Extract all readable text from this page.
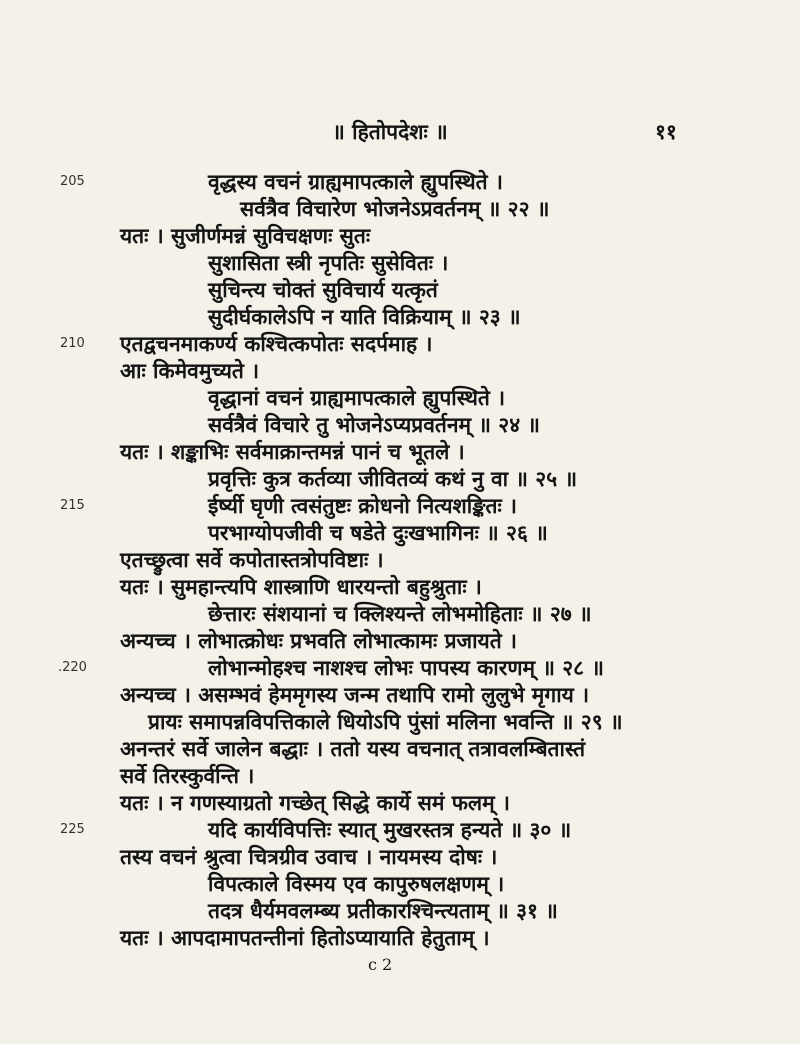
॥ हितोपदेशः ॥	११
205
210
215
.220
225
वृद्धस्य वचनं ग्राह्यमापत्काले ह्युपस्थिते ।
सर्वत्रैव विचारेण भोजनेऽप्रवर्तनम् ॥ २२ ॥
यतः । सुजीर्णमन्नं सुविचक्षणः सुतः
सुशासिता स्त्री नृपतिः सुसेवितः ।
सुचिन्त्य चोक्तं सुविचार्य यत्कृतं
सुदीर्घकालेऽपि न याति विक्रियाम् ॥ २३ ॥
एतद्वचनमाकर्ण्य कश्चित्कपोतः सदर्पमाह ।
आः किमेवमुच्यते ।
वृद्धानां वचनं ग्राह्यमापत्काले ह्युपस्थिते ।
सर्वत्रैवं विचारे तु भोजनेऽप्यप्रवर्तनम् ॥ २४ ॥
यतः । शङ्काभिः सर्वमाक्रान्तमन्नं पानं च भूतले ।
प्रवृत्तिः कुत्र कर्तव्या जीवितव्यं कथं नु वा ॥ २५ ॥
ईर्ष्यी घृणी त्वसंतुष्टः क्रोधनो नित्यशङ्कितः ।
परभाग्योपजीवी च षडेते दुःखभागिनः ॥ २६ ॥
एतच्छ्रुत्वा सर्वे कपोतास्तत्रोपविष्टाः ।
यतः । सुमहान्त्यपि शास्त्राणि धारयन्तो बहुश्रुताः ।
छेत्तारः संशयानां च क्लिश्यन्ते लोभमोहिताः ॥ २७ ॥
अन्यच्च । लोभात्क्रोधः प्रभवति लोभात्कामः प्रजायते ।
लोभान्मोहश्च नाशश्च लोभः पापस्य कारणम् ॥ २८ ॥
अन्यच्च । असम्भवं हेममृगस्य जन्म तथापि रामो लुलुभे मृगाय ।
प्रायः समापन्नविपत्तिकाले धियोऽपि पुंसां मलिना भवन्ति ॥ २९ ॥
अनन्तरं सर्वे जालेन बद्धाः । ततो यस्य वचनात् तत्रावलम्बितास्तं
सर्वे तिरस्कुर्वन्ति ।
यतः । न गणस्याग्रतो गच्छेत् सिद्धे कार्ये समं फलम् ।
यदि कार्यविपत्तिः स्यात् मुखरस्तत्र हन्यते ॥ ३० ॥
तस्य वचनं श्रुत्वा चित्रग्रीव उवाच । नायमस्य दोषः ।
विपत्काले विस्मय एव कापुरुषलक्षणम् ।
तदत्र धैर्यमवलम्ब्य प्रतीकारश्चिन्त्यताम् ॥ ३१ ॥
यतः । आपदामापतन्तीनां हितोऽप्यायाति हेतुताम् ।
c 2
